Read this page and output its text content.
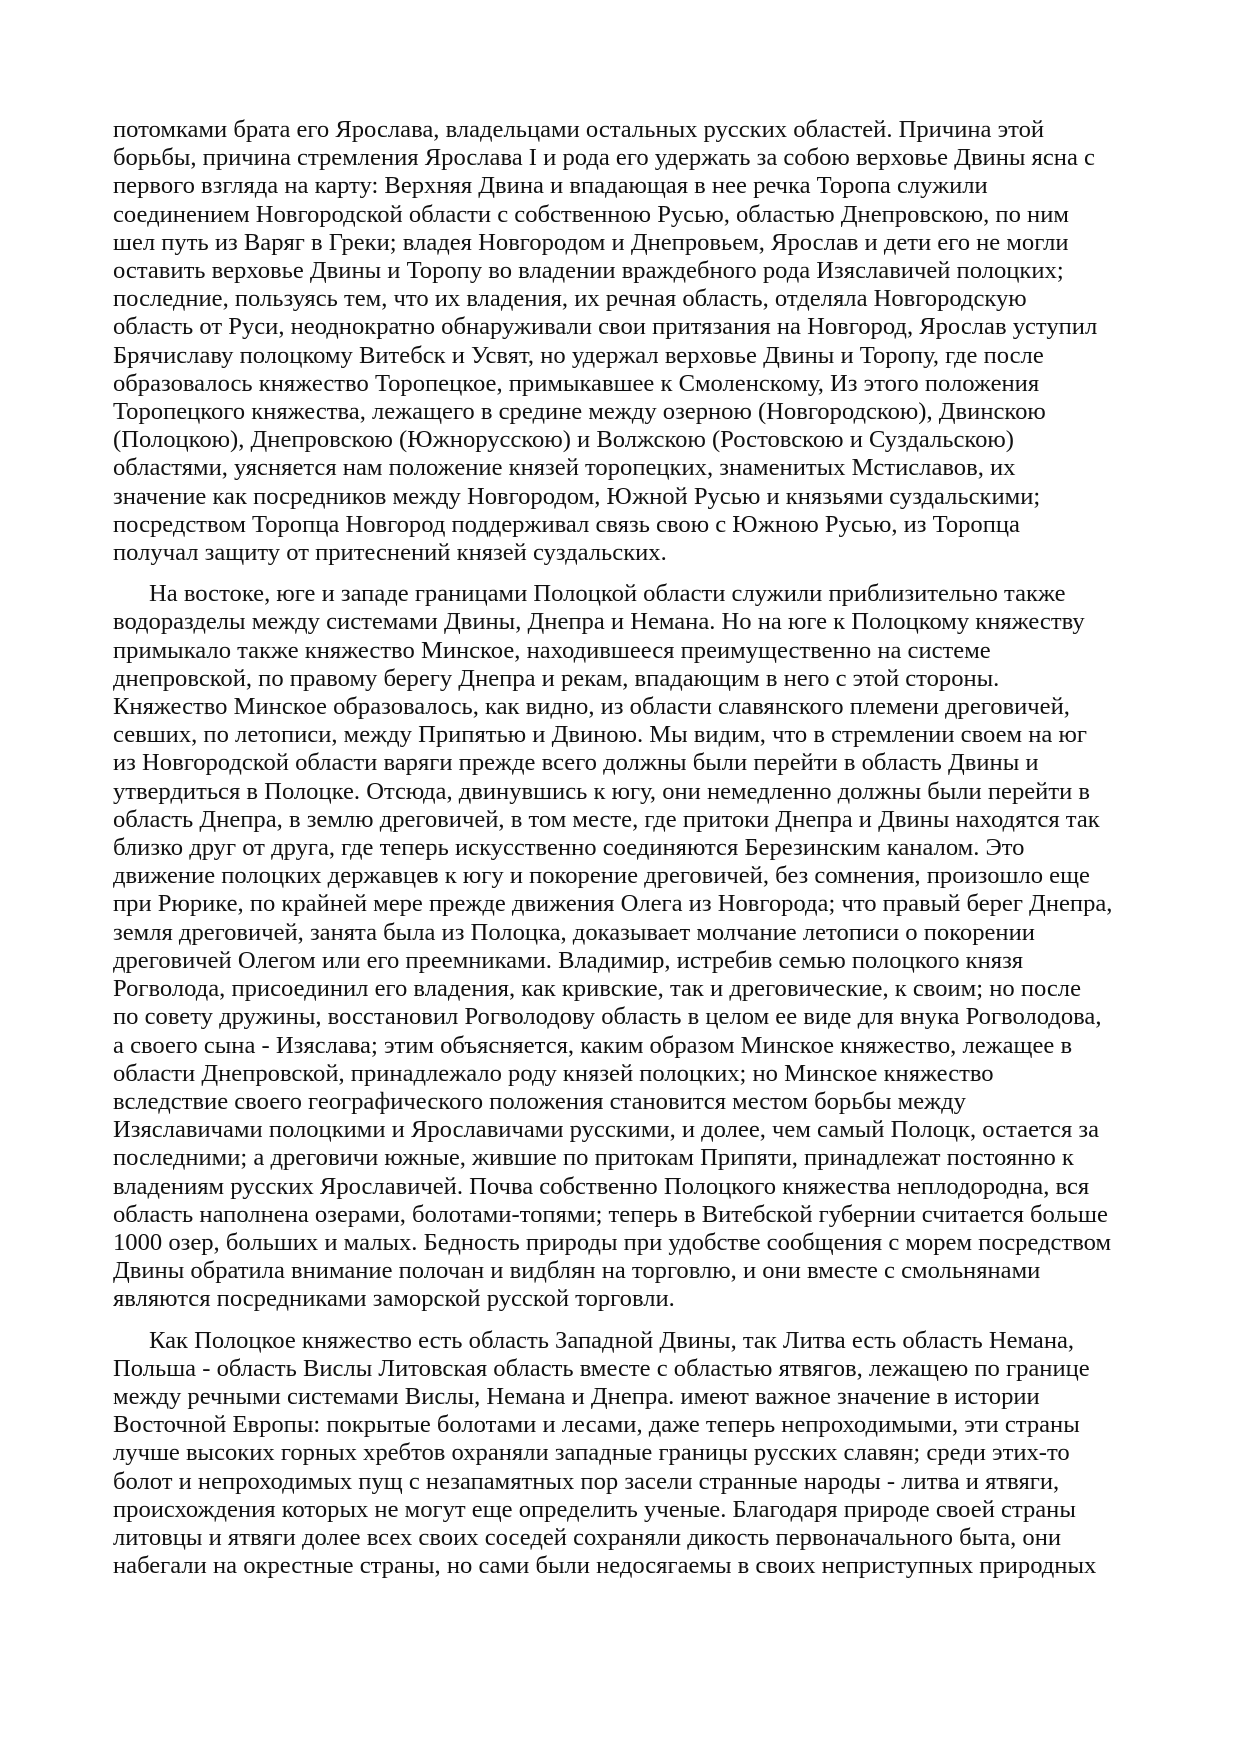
потомками брата его Ярослава, владельцами остальных русских областей. Причина этой
борьбы, причина стремления Ярослава I и рода его удержать за собою верховье Двины ясна с
первого взгляда на карту: Верхняя Двина и впадающая в нее речка Торопа служили
соединением Новгородской области с собственною Русью, областью Днепровскою, по ним
шел путь из Варяг в Греки; владея Новгородом и Днепровьем, Ярослав и дети его не могли
оставить верховье Двины и Торопу во владении враждебного рода Изяславичей полоцких;
последние, пользуясь тем, что их владения, их речная область, отделяла Новгородскую
область от Руси, неоднократно обнаруживали свои притязания на Новгород, Ярослав уступил
Брячиславу полоцкому Витебск и Усвят, но удержал верховье Двины и Торопу, где после
образовалось княжество Торопецкое, примыкавшее к Смоленскому, Из этого положения
Торопецкого княжества, лежащего в средине между озерною (Новгородскою), Двинскою
(Полоцкою), Днепровскою (Южнорусскою) и Волжскою (Ростовскою и Суздальскою)
областями, уясняется нам положение князей торопецких, знаменитых Мстиславов, их
значение как посредников между Новгородом, Южной Русью и князьями суздальскими;
посредством Торопца Новгород поддерживал связь свою с Южною Русью, из Торопца
получал защиту от притеснений князей суздальских.

На востоке, юге и западе границами Полоцкой области служили приблизительно также
водоразделы между системами Двины, Днепра и Немана. Но на юге к Полоцкому княжеству
примыкало также княжество Минское, находившееся преимущественно на системе
днепровской, по правому берегу Днепра и рекам, впадающим в него с этой стороны.
Княжество Минское образовалось, как видно, из области славянского племени дреговичей,
севших, по летописи, между Припятью и Двиною. Мы видим, что в стремлении своем на юг
из Новгородской области варяги прежде всего должны были перейти в область Двины и
утвердиться в Полоцке. Отсюда, двинувшись к югу, они немедленно должны были перейти в
область Днепра, в землю дреговичей, в том месте, где притоки Днепра и Двины находятся так
близко друг от друга, где теперь искусственно соединяются Березинским каналом. Это
движение полоцких державцев к югу и покорение дреговичей, без сомнения, произошло еще
при Рюрике, по крайней мере прежде движения Олега из Новгорода; что правый берег Днепра,
земля дреговичей, занята была из Полоцка, доказывает молчание летописи о покорении
дреговичей Олегом или его преемниками. Владимир, истребив семью полоцкого князя
Рогволода, присоединил его владения, как кривские, так и дреговические, к своим; но после
по совету дружины, восстановил Рогволодову область в целом ее виде для внука Рогволодова,
а своего сына - Изяслава; этим объясняется, каким образом Минское княжество, лежащее в
области Днепровской, принадлежало роду князей полоцких; но Минское княжество
вследствие своего географического положения становится местом борьбы между
Изяславичами полоцкими и Ярославичами русскими, и долее, чем самый Полоцк, остается за
последними; а дреговичи южные, жившие по притокам Припяти, принадлежат постоянно к
владениям русских Ярославичей. Почва собственно Полоцкого княжества неплодородна, вся
область наполнена озерами, болотами-топями; теперь в Витебской губернии считается больше
1000 озер, больших и малых. Бедность природы при удобстве сообщения с морем посредством
Двины обратила внимание полочан и видблян на торговлю, и они вместе с смольнянами
являются посредниками заморской русской торговли.

Как Полоцкое княжество есть область Западной Двины, так Литва есть область Немана,
Польша - область Вислы Литовская область вместе с областью ятвягов, лежащею по границе
между речными системами Вислы, Немана и Днепра. имеют важное значение в истории
Восточной Европы: покрытые болотами и лесами, даже теперь непроходимыми, эти страны
лучше высоких горных хребтов охраняли западные границы русских славян; среди этих-то
болот и непроходимых пущ с незапамятных пор засели странные народы - литва и ятвяги,
происхождения которых не могут еще определить ученые. Благодаря природе своей страны
литовцы и ятвяги долее всех своих соседей сохраняли дикость первоначального быта, они
набегали на окрестные страны, но сами были недосягаемы в своих неприступных природных
